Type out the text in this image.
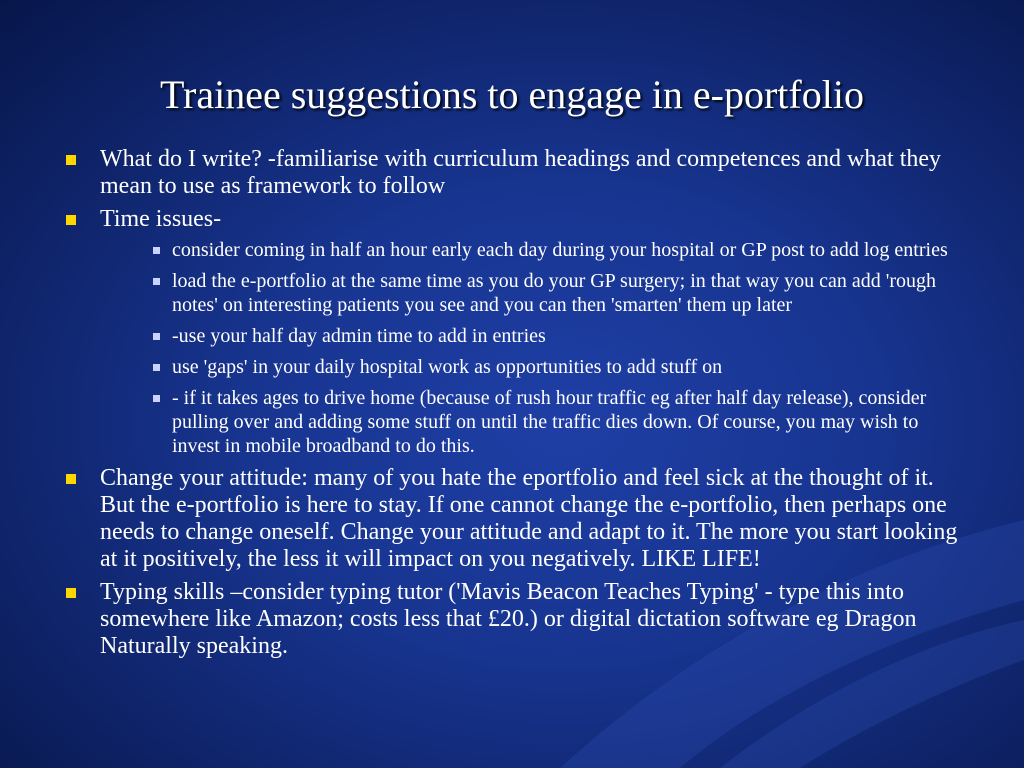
Trainee suggestions to engage in e-portfolio
What do I write? -familiarise with curriculum headings and competences and what they mean to use as framework to follow
Time issues-
consider coming in half an hour early each day during your hospital or GP post to add log entries
load the e-portfolio at the same time as you do your GP surgery; in that way you can add 'rough notes' on interesting patients you see and you can then 'smarten' them up later
-use your half day admin time to add in entries
use 'gaps' in your daily hospital work as opportunities to add stuff on
- if it takes ages to drive home (because of rush hour traffic eg after half day release), consider pulling over and adding some stuff on until the traffic dies down. Of course, you may wish to invest in mobile broadband to do this.
Change your attitude: many of you hate the eportfolio and feel sick at the thought of it. But the e-portfolio is here to stay. If one cannot change the e-portfolio, then perhaps one needs to change oneself. Change your attitude and adapt to it. The more you start looking at it positively, the less it will impact on you negatively. LIKE LIFE!
Typing skills –consider typing tutor ('Mavis Beacon Teaches Typing' - type this into somewhere like Amazon; costs less that £20.) or digital dictation software eg Dragon Naturally speaking.
